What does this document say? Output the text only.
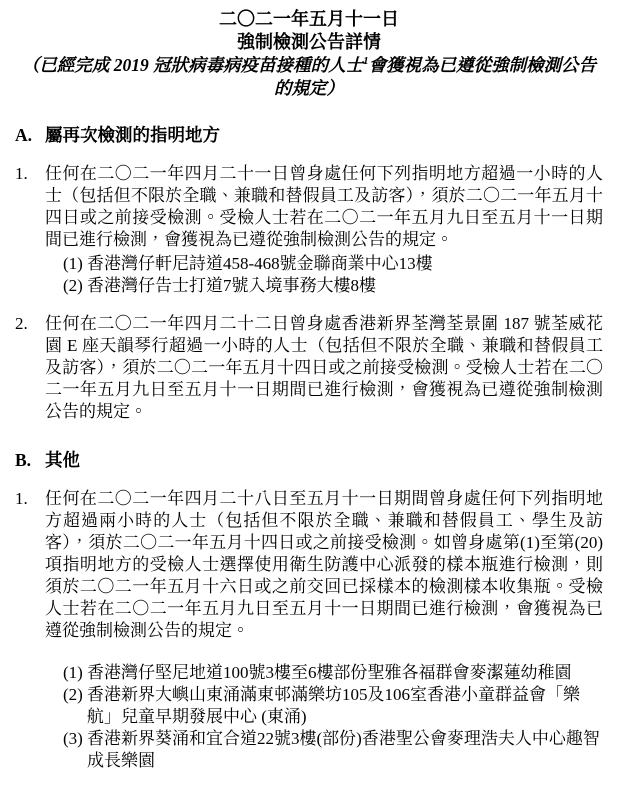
二〇二一年五月十一日
強制檢測公告詳情
（已經完成 2019 冠狀病毒病疫苗接種的人士$^1$會獲視為已遵從強制檢測公告的規定）
A. 屬再次檢測的指明地方
1.	任何在二〇二一年四月二十一日曾身處任何下列指明地方超過一小時的人士（包括但不限於全職、兼職和替假員工及訪客），須於二〇二一年五月十四日或之前接受檢測。受檢人士若在二〇二一年五月九日至五月十一日期間已進行檢測，會獲視為已遵從強制檢測公告的規定。
(1) 香港灣仔軒尼詩道458-468號金聯商業中心13樓
(2) 香港灣仔告士打道7號入境事務大樓8樓
2.	任何在二〇二一年四月二十二日曾身處香港新界荃灣荃景圍 187 號荃威花園 E 座天韻琴行超過一小時的人士（包括但不限於全職、兼職和替假員工及訪客），須於二〇二一年五月十四日或之前接受檢測。受檢人士若在二〇二一年五月九日至五月十一日期間已進行檢測，會獲視為已遵從強制檢測公告的規定。
B. 其他
1.	任何在二〇二一年四月二十八日至五月十一日期間曾身處任何下列指明地方超過兩小時的人士（包括但不限於全職、兼職和替假員工、學生及訪客），須於二〇二一年五月十四日或之前接受檢測。如曾身處第(1)至第(20)項指明地方的受檢人士選擇使用衛生防護中心派發的樣本瓶進行檢測，則須於二〇二一年五月十六日或之前交回已採樣本的檢測樣本收集瓶。受檢人士若在二〇二一年五月九日至五月十一日期間已進行檢測，會獲視為已遵從強制檢測公告的規定。
(1) 香港灣仔堅尼地道100號3樓至6樓部份聖雅各福群會麥潔蓮幼稚園
(2) 香港新界大嶼山東涌滿東邨滿樂坊105及106室香港小童群益會「樂航」兒童早期發展中心 (東涌)
(3) 香港新界葵涌和宜合道22號3樓(部份)香港聖公會麥理浩夫人中心趣智成長樂園
